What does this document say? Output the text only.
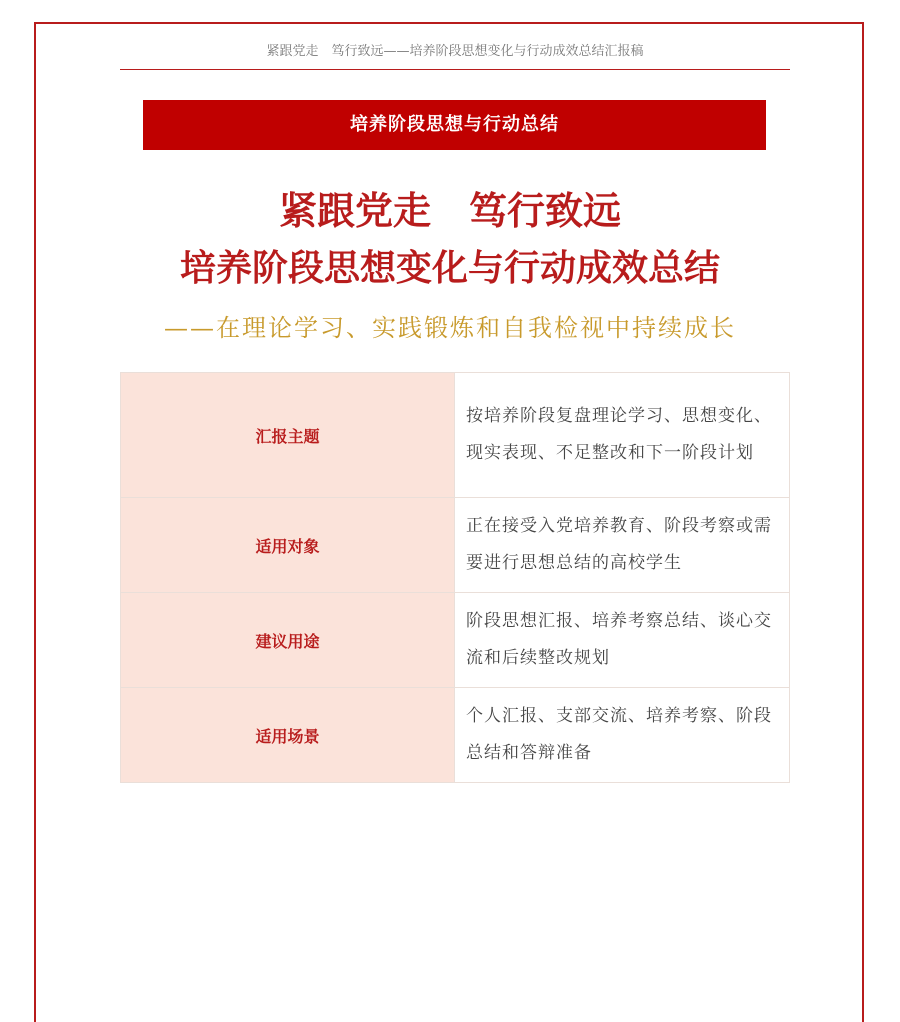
紧跟党走　笃行致远——培养阶段思想变化与行动成效总结汇报稿
培养阶段思想与行动总结
紧跟党走　笃行致远
培养阶段思想变化与行动成效总结
——在理论学习、实践锻炼和自我检视中持续成长
汇报主题	按培养阶段复盘理论学习、思想变化、现实表现、不足整改和下一阶段计划
适用对象	正在接受入党培养教育、阶段考察或需要进行思想总结的高校学生
建议用途	阶段思想汇报、培养考察总结、谈心交流和后续整改规划
适用场景	个人汇报、支部交流、培养考察、阶段总结和答辩准备
